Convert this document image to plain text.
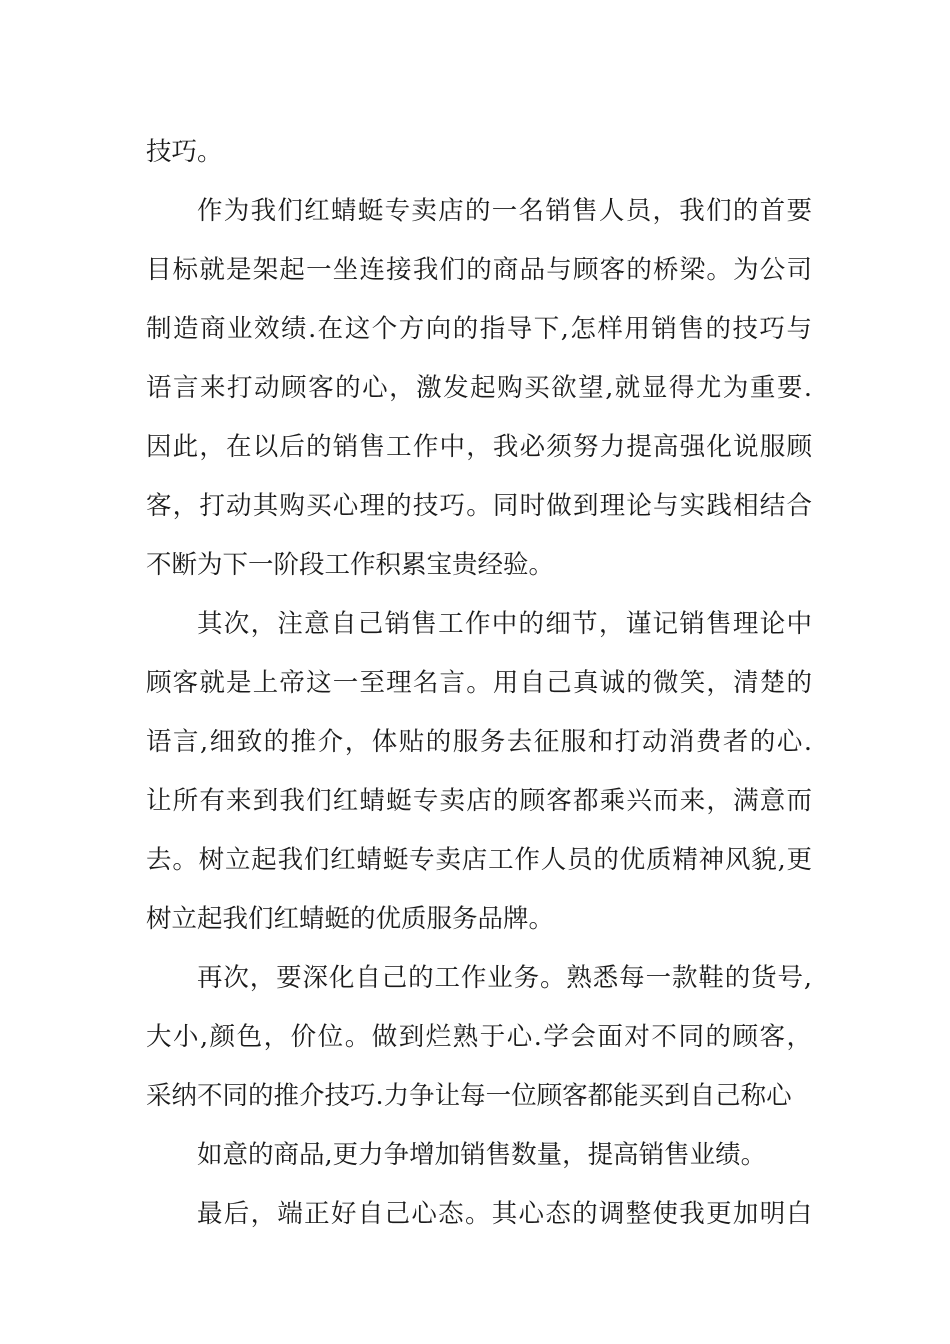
技巧。
作为我们红蜻蜓专卖店的一名销售人员，我们的首要
目标就是架起一坐连接我们的商品与顾客的桥梁。为公司
制造商业效绩.在这个方向的指导下,怎样用销售的技巧与
语言来打动顾客的心，激发起购买欲望,就显得尤为重要.
因此，在以后的销售工作中，我必须努力提高强化说服顾
客，打动其购买心理的技巧。同时做到理论与实践相结合
不断为下一阶段工作积累宝贵经验。
其次，注意自己销售工作中的细节，谨记销售理论中
顾客就是上帝这一至理名言。用自己真诚的微笑，清楚的
语言,细致的推介，体贴的服务去征服和打动消费者的心.
让所有来到我们红蜻蜓专卖店的顾客都乘兴而来，满意而
去。树立起我们红蜻蜓专卖店工作人员的优质精神风貌,更
树立起我们红蜻蜓的优质服务品牌。
再次，要深化自己的工作业务。熟悉每一款鞋的货号,
大小,颜色，价位。做到烂熟于心.学会面对不同的顾客，
采纳不同的推介技巧.力争让每一位顾客都能买到自己称心
如意的商品,更力争增加销售数量，提高销售业绩。
最后，端正好自己心态。其心态的调整使我更加明白
